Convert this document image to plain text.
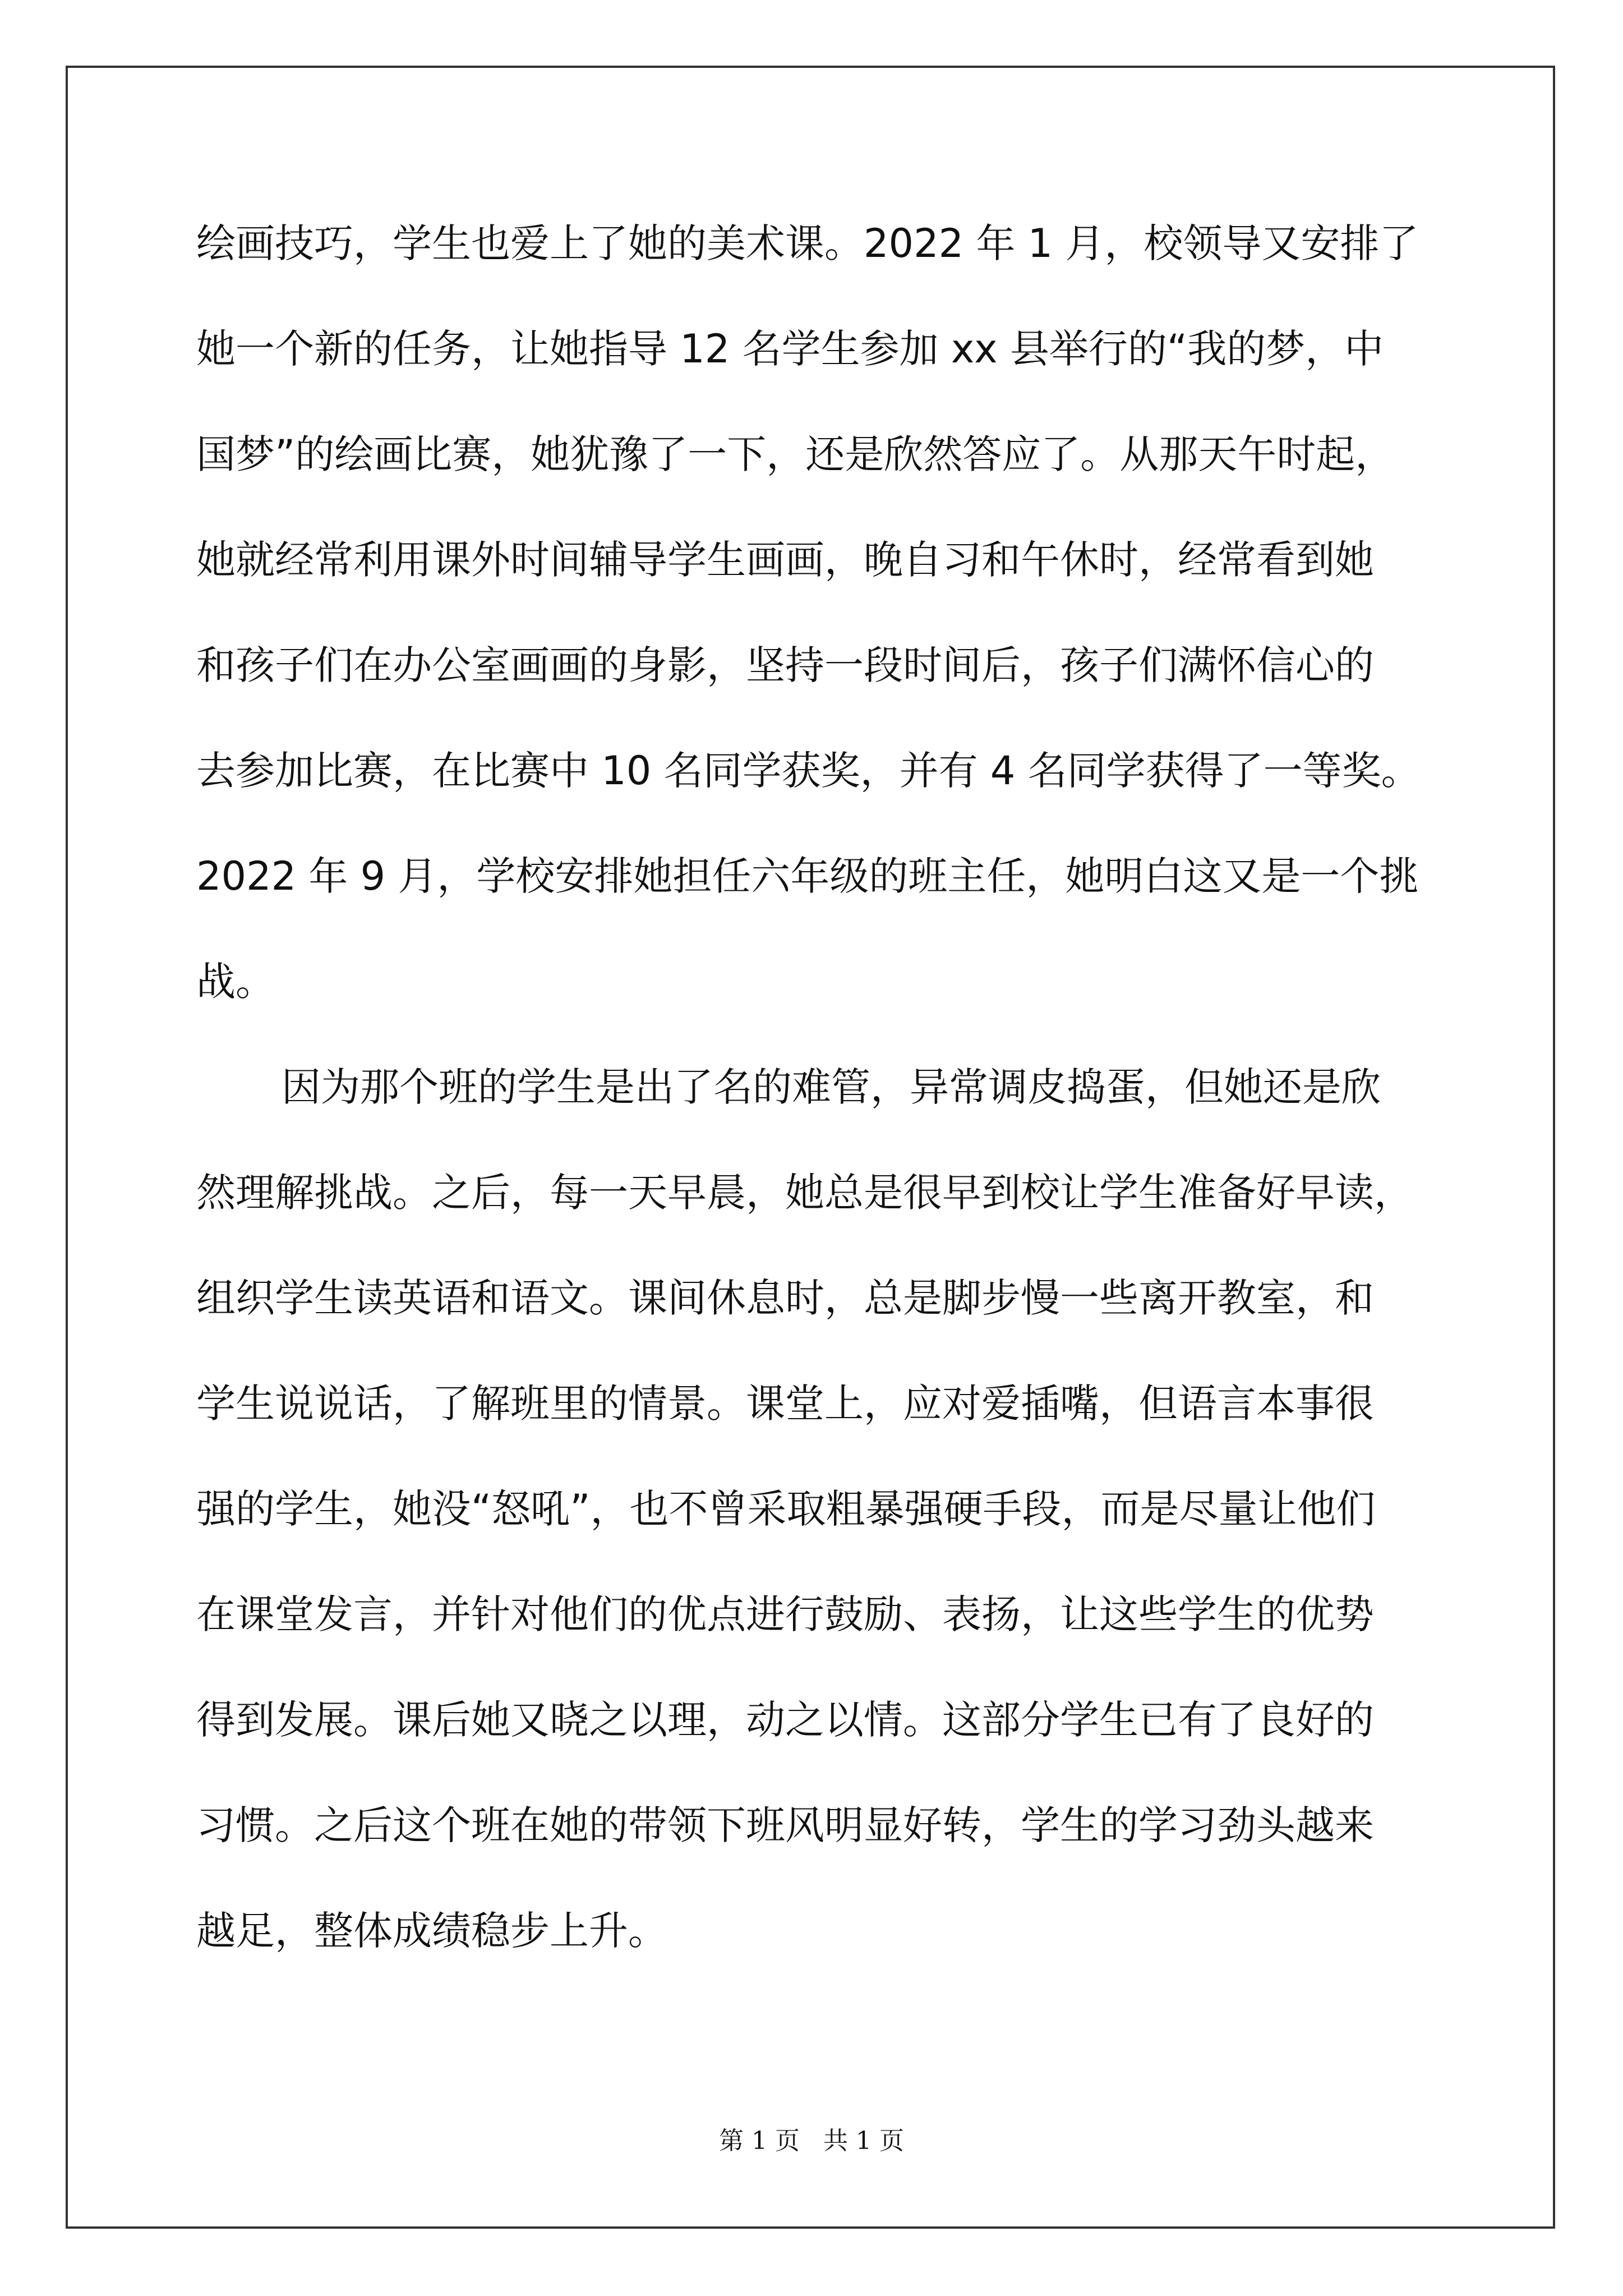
绘画技巧，学生也爱上了她的美术课。2022 年 1 月，校领导又安排了
她一个新的任务，让她指导 12 名学生参加 xx 县举行的“我的梦，中
国梦”的绘画比赛，她犹豫了一下，还是欣然答应了。从那天午时起，
她就经常利用课外时间辅导学生画画，晚自习和午休时，经常看到她
和孩子们在办公室画画的身影，坚持一段时间后，孩子们满怀信心的
去参加比赛，在比赛中 10 名同学获奖，并有 4 名同学获得了一等奖。
2022 年 9 月，学校安排她担任六年级的班主任，她明白这又是一个挑
战。
因为那个班的学生是出了名的难管，异常调皮捣蛋，但她还是欣
然理解挑战。之后，每一天早晨，她总是很早到校让学生准备好早读，
组织学生读英语和语文。课间休息时，总是脚步慢一些离开教室，和
学生说说话，了解班里的情景。课堂上，应对爱插嘴，但语言本事很
强的学生，她没“怒吼”，也不曾采取粗暴强硬手段，而是尽量让他们
在课堂发言，并针对他们的优点进行鼓励、表扬，让这些学生的优势
得到发展。课后她又晓之以理，动之以情。这部分学生已有了良好的
习惯。之后这个班在她的带领下班风明显好转，学生的学习劲头越来
越足，整体成绩稳步上升。
第 1 页   共 1 页
